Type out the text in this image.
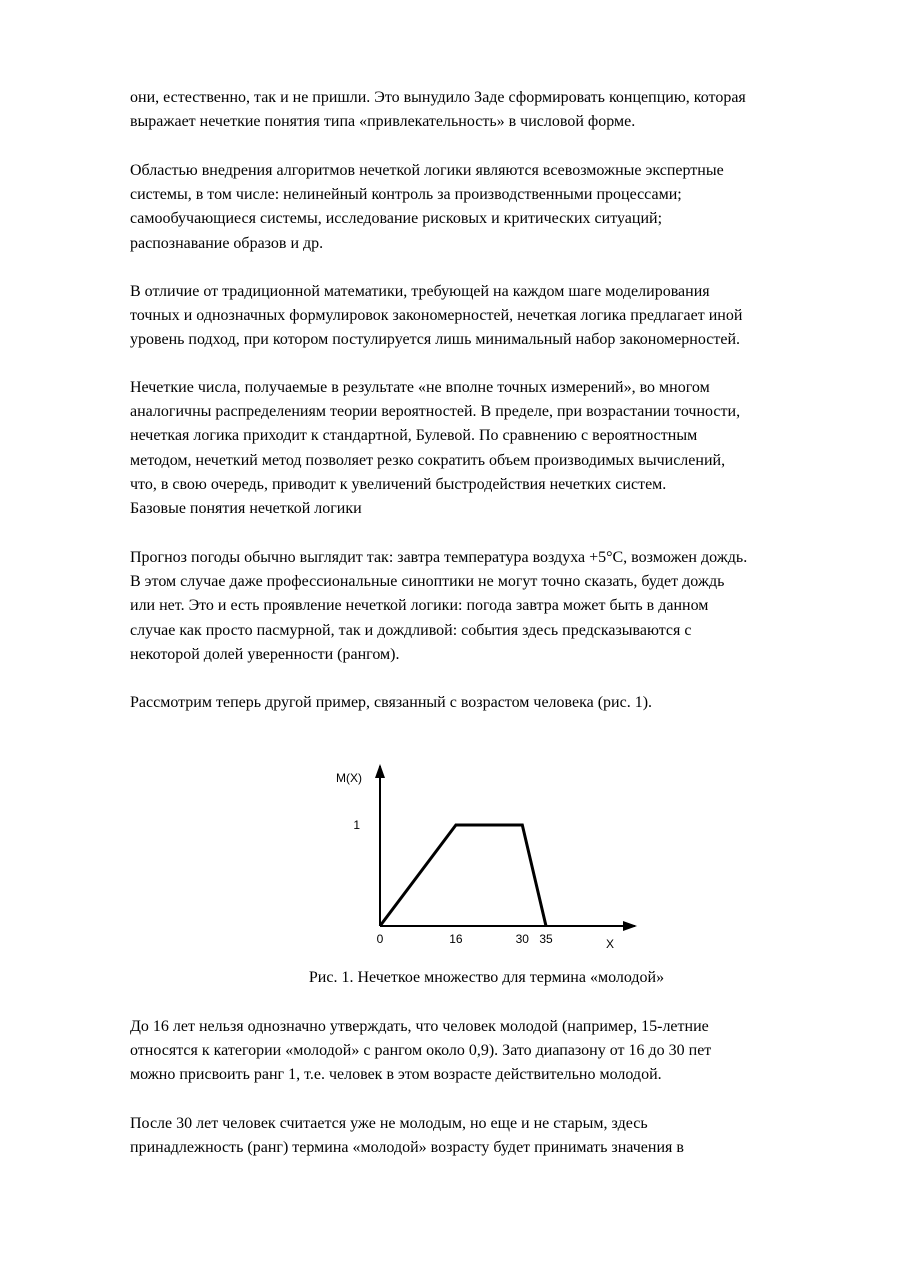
они, естественно, так и не пришли. Это вынудило Заде сформировать концепцию, которая
выражает нечеткие понятия типа «привлекательность» в числовой форме.
Областью внедрения алгоритмов нечеткой логики являются всевозможные экспертные
системы, в том числе: нелинейный контроль за производственными процессами;
самообучающиеся системы, исследование рисковых и критических ситуаций;
распознавание образов и др.
В отличие от традиционной математики, требующей на каждом шаге моделирования
точных и однозначных формулировок закономерностей, нечеткая логика предлагает иной
уровень подход, при котором постулируется лишь минимальный набор закономерностей.
Нечеткие числа, получаемые в результате «не вполне точных измерений», во многом
аналогичны распределениям теории вероятностей. В пределе, при возрастании точности,
нечеткая логика приходит к стандартной, Булевой. По сравнению с вероятностным
методом, нечеткий метод позволяет резко сократить объем производимых вычислений,
что, в свою очередь, приводит к увеличений быстродействия нечетких систем.
Базовые понятия нечеткой логики
Прогноз погоды обычно выглядит так: завтра температура воздуха +5°С, возможен дождь.
В этом случае даже профессиональные синоптики не могут точно сказать, будет дождь
или нет. Это и есть проявление нечеткой логики: погода завтра может быть в данном
случае как просто пасмурной, так и дождливой: события здесь предсказываются с
некоторой долей уверенности (рангом).
Рассмотрим теперь другой пример, связанный с возрастом человека (рис. 1).
0	16	30 35
1
X
M(X)
Рис. 1. Нечеткое множество для термина «молодой»
До 16 лет нельзя однозначно утверждать, что человек молодой (например, 15-летние
относятся к категории «молодой» с рангом около 0,9). Зато диапазону от 16 до 30 пет
можно присвоить ранг 1, т.е. человек в этом возрасте действительно молодой.
После 30 лет человек считается уже не молодым, но еще и не старым, здесь
принадлежность (ранг) термина «молодой» возрасту будет принимать значения в
